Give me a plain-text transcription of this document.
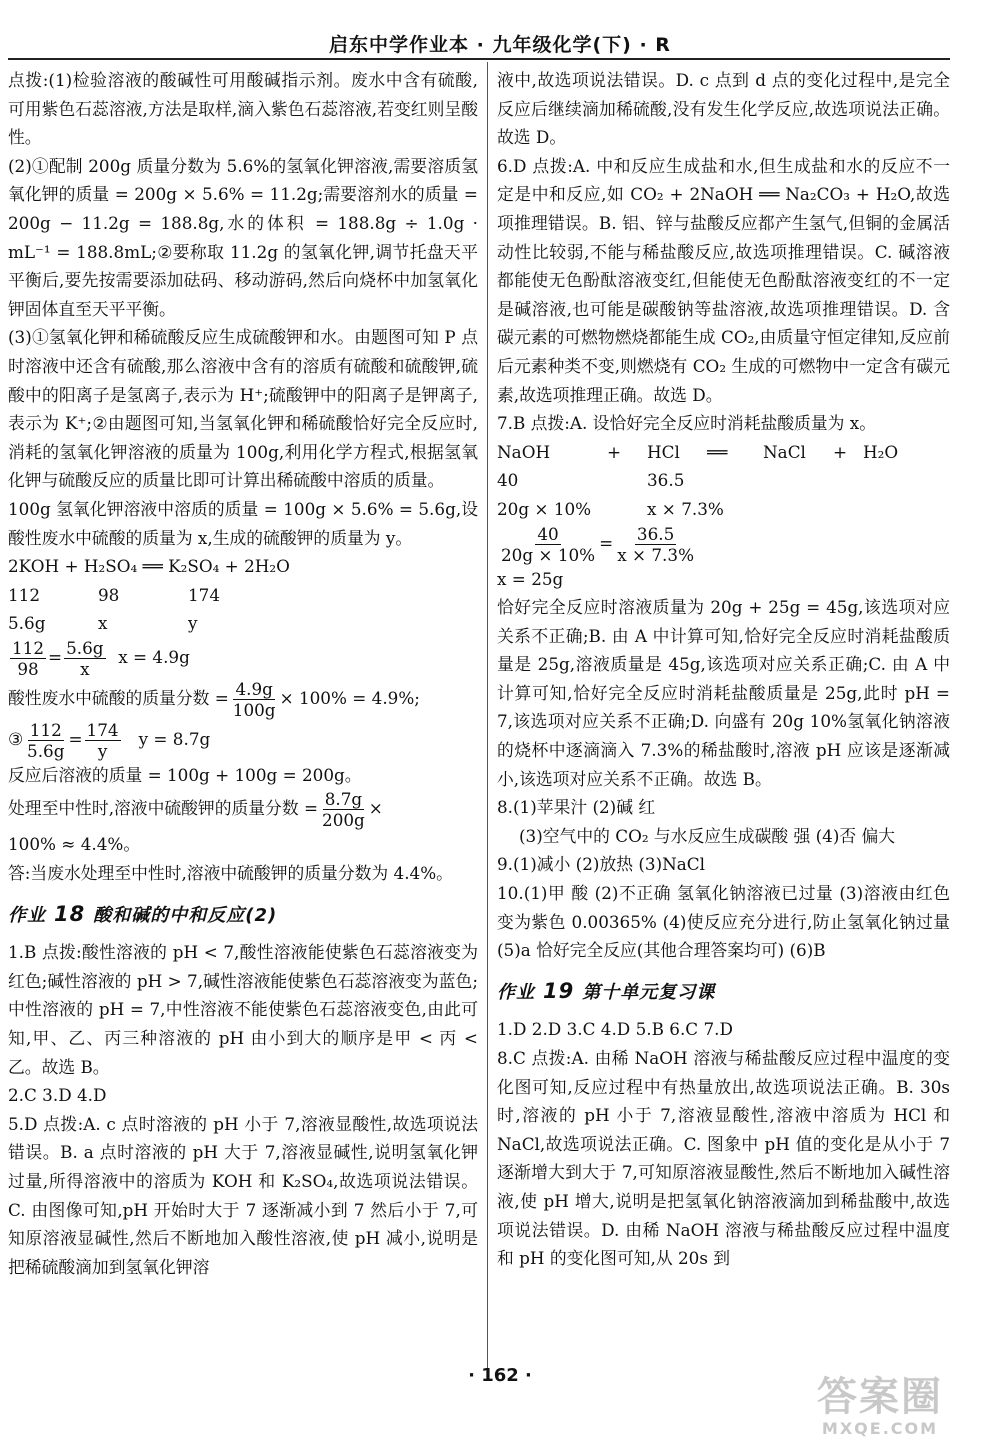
启东中学作业本 · 九年级化学(下) · R

点拨:(1)检验溶液的酸碱性可用酸碱指示剂。废水中含有硫酸,可用紫色石蕊溶液,方法是取样,滴入紫色石蕊溶液,若变红则呈酸性。

(2)①配制 200g 质量分数为 5.6%的氢氧化钾溶液,需要溶质氢氧化钾的质量 = 200g × 5.6% = 11.2g;需要溶剂水的质量 = 200g − 11.2g = 188.8g,水的体积 = 188.8g ÷ 1.0g · mL⁻¹ = 188.8mL;②要称取 11.2g 的氢氧化钾,调节托盘天平平衡后,要先按需要添加砝码、移动游码,然后向烧杯中加氢氧化钾固体直至天平平衡。

(3)①氢氧化钾和稀硫酸反应生成硫酸钾和水。由题图可知 P 点时溶液中还含有硫酸,那么溶液中含有的溶质有硫酸和硫酸钾,硫酸中的阳离子是氢离子,表示为 H⁺;硫酸钾中的阳离子是钾离子,表示为 K⁺;②由题图可知,当氢氧化钾和稀硫酸恰好完全反应时,消耗的氢氧化钾溶液的质量为 100g,利用化学方程式,根据氢氧化钾与硫酸反应的质量比即可计算出稀硫酸中溶质的质量。

100g 氢氧化钾溶液中溶质的质量 = 100g × 5.6% = 5.6g,设酸性废水中硫酸的质量为 x,生成的硫酸钾的质量为 y。

2KOH + H₂SO₄ ══ K₂SO₄ + 2H₂O

112	98	174
5.6g	x	y

$\frac{112}{98} = \frac{5.6g}{x}$ x = 4.9g

酸性废水中硫酸的质量分数 = $\frac{4.9g}{100g} \times 100\% = 4.9\%$;

③ $\frac{112}{5.6g} = \frac{174}{y}$ y = 8.7g

反应后溶液的质量 = 100g + 100g = 200g。

处理至中性时,溶液中硫酸钾的质量分数 = $\frac{8.7g}{200g}$ ×

100% ≈ 4.4%。

答:当废水处理至中性时,溶液中硫酸钾的质量分数为 4.4%。

作业 18 酸和碱的中和反应(2)

1.B 点拨:酸性溶液的 pH < 7,酸性溶液能使紫色石蕊溶液变为红色;碱性溶液的 pH > 7,碱性溶液能使紫色石蕊溶液变为蓝色;中性溶液的 pH = 7,中性溶液不能使紫色石蕊溶液变色,由此可知,甲、乙、丙三种溶液的 pH 由小到大的顺序是甲 < 丙 < 乙。故选 B。

2.C 3.D 4.D

5.D 点拨:A. c 点时溶液的 pH 小于 7,溶液显酸性,故选项说法错误。B. a 点时溶液的 pH 大于 7,溶液显碱性,说明氢氧化钾过量,所得溶液中的溶质为 KOH 和 K₂SO₄,故选项说法错误。C. 由图像可知,pH 开始时大于 7 逐渐减小到 7 然后小于 7,可知原溶液显碱性,然后不断地加入酸性溶液,使 pH 减小,说明是把稀硫酸滴加到氢氧化钾溶

液中,故选项说法错误。D. c 点到 d 点的变化过程中,是完全反应后继续滴加稀硫酸,没有发生化学反应,故选项说法正确。故选 D。

6.D 点拨:A. 中和反应生成盐和水,但生成盐和水的反应不一定是中和反应,如 CO₂ + 2NaOH ══ Na₂CO₃ + H₂O,故选项推理错误。B. 铝、锌与盐酸反应都产生氢气,但铜的金属活动性比较弱,不能与稀盐酸反应,故选项推理错误。C. 碱溶液都能使无色酚酞溶液变红,但能使无色酚酞溶液变红的不一定是碱溶液,也可能是碳酸钠等盐溶液,故选项推理错误。D. 含碳元素的可燃物燃烧都能生成 CO₂,由质量守恒定律知,反应前后元素种类不变,则燃烧有 CO₂ 生成的可燃物中一定含有碳元素,故选项推理正确。故选 D。

7.B 点拨:A. 设恰好完全反应时消耗盐酸质量为 x。

NaOH	+	HCl	══	NaCl	+ H₂O
40	36.5
20g × 10%	x × 7.3%

$\frac{40}{20g \times 10\%} = \frac{36.5}{x \times 7.3\%}$

x = 25g

恰好完全反应时溶液质量为 20g + 25g = 45g,该选项对应关系不正确;B. 由 A 中计算可知,恰好完全反应时消耗盐酸质量是 25g,溶液质量是 45g,该选项对应关系正确;C. 由 A 中计算可知,恰好完全反应时消耗盐酸质量是 25g,此时 pH = 7,该选项对应关系不正确;D. 向盛有 20g 10%氢氧化钠溶液的烧杯中逐滴滴入 7.3%的稀盐酸时,溶液 pH 应该是逐渐减小,该选项对应关系不正确。故选 B。

8.(1)苹果汁 (2)碱 红

(3)空气中的 CO₂ 与水反应生成碳酸 强 (4)否 偏大

9.(1)减小 (2)放热 (3)NaCl

10.(1)甲 酸 (2)不正确 氢氧化钠溶液已过量 (3)溶液由红色变为紫色 0.00365% (4)使反应充分进行,防止氢氧化钠过量 (5)a 恰好完全反应(其他合理答案均可) (6)B

作业 19 第十单元复习课

1.D 2.D 3.C 4.D 5.B 6.C 7.D

8.C 点拨:A. 由稀 NaOH 溶液与稀盐酸反应过程中温度的变化图可知,反应过程中有热量放出,故选项说法正确。B. 30s 时,溶液的 pH 小于 7,溶液显酸性,溶液中溶质为 HCl 和 NaCl,故选项说法正确。C. 图象中 pH 值的变化是从小于 7 逐渐增大到大于 7,可知原溶液显酸性,然后不断地加入碱性溶液,使 pH 增大,说明是把氢氧化钠溶液滴加到稀盐酸中,故选项说法错误。D. 由稀 NaOH 溶液与稀盐酸反应过程中温度和 pH 的变化图可知,从 20s 到

· 162 ·	答案圈
MXQE.COM
